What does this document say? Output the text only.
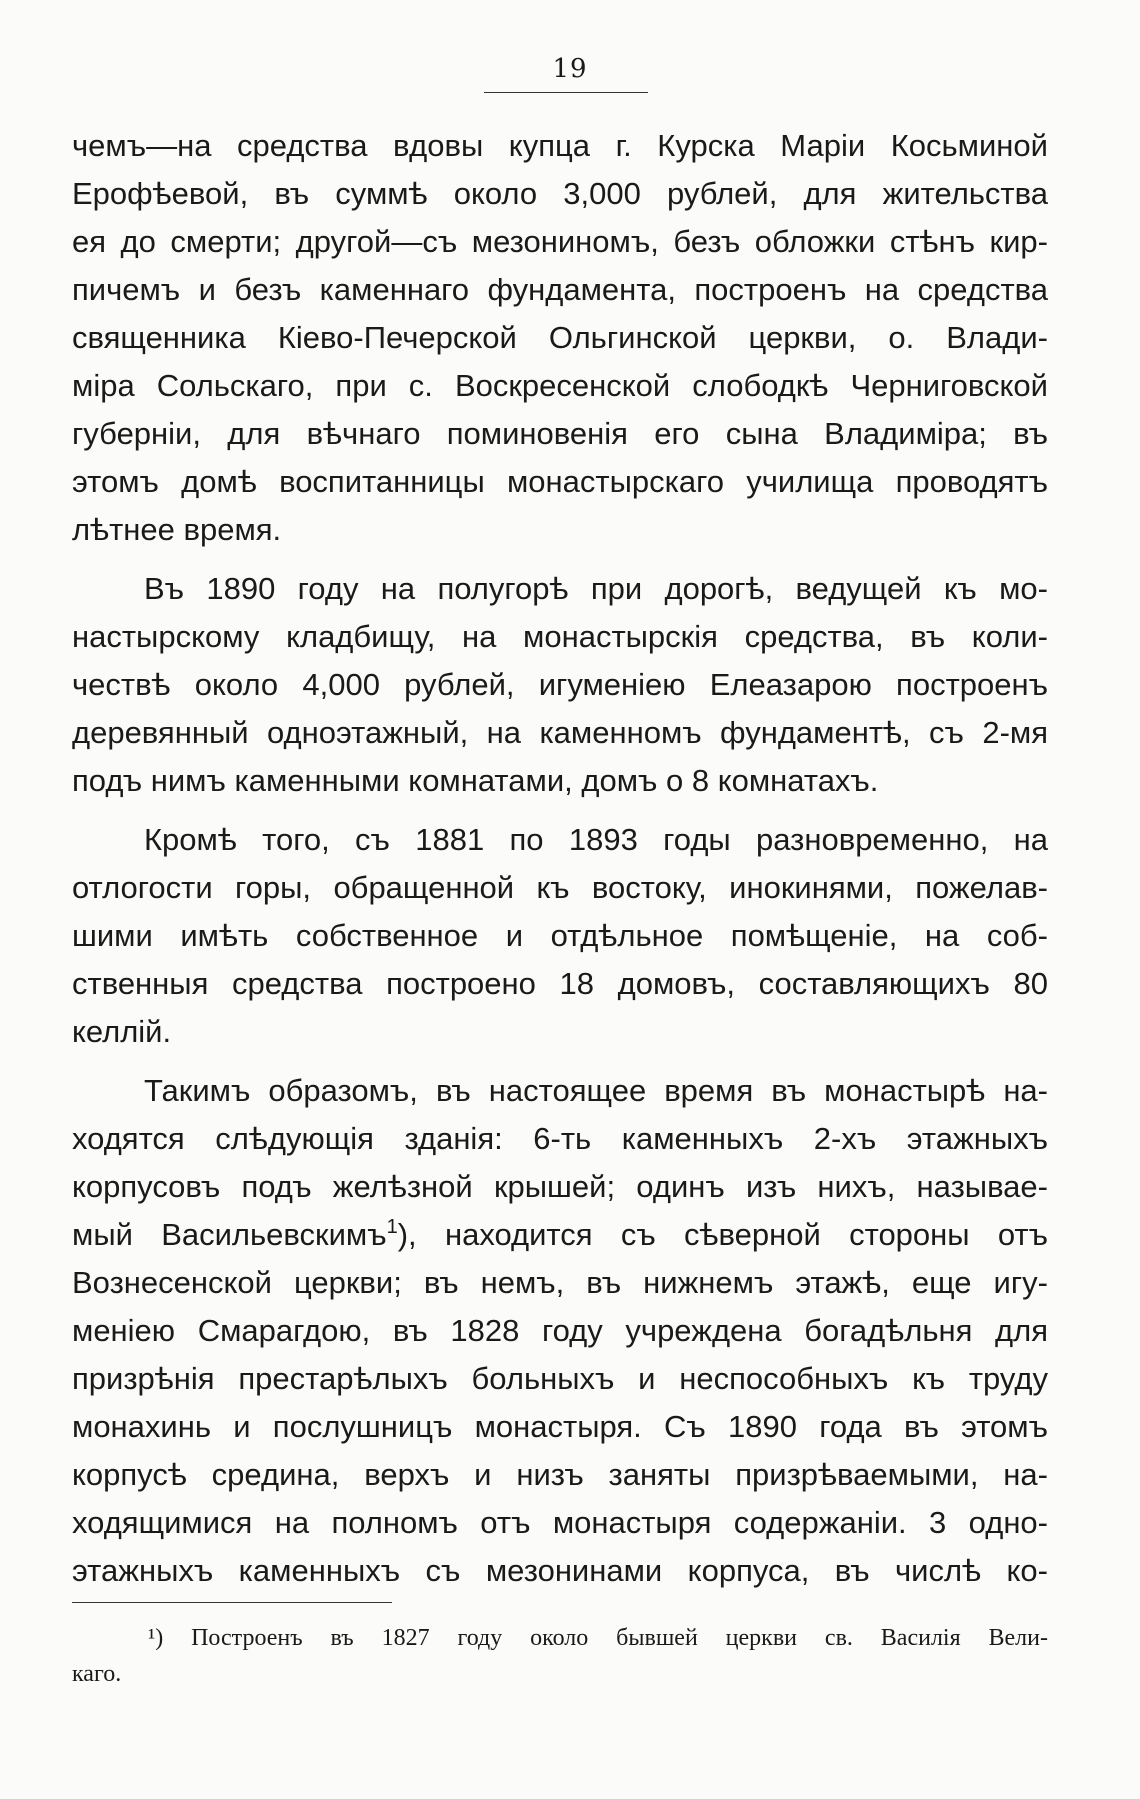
19
чемъ—на средства вдовы купца г. Курска Маріи Косьминой
Ерофѣевой, въ суммѣ около 3,000 рублей, для жительства
ея до смерти; другой—съ мезониномъ, безъ обложки стѣнъ кир-
пичемъ и безъ каменнаго фундамента, построенъ на средства
священника Кіево-Печерской Ольгинской церкви, о. Влади-
міра Сольскаго, при с. Воскресенской слободкѣ Черниговской
губерніи, для вѣчнаго поминовенія его сына Владиміра; въ
этомъ домѣ воспитанницы монастырскаго училища проводятъ
лѣтнее время.
Въ 1890 году на полугорѣ при дорогѣ, ведущей къ мо-
настырскому кладбищу, на монастырскія средства, въ коли-
чествѣ около 4,000 рублей, игуменіею Елеазарою построенъ
деревянный одноэтажный, на каменномъ фундаментѣ, съ 2-мя
подъ нимъ каменными комнатами, домъ о 8 комнатахъ.
Кромѣ того, съ 1881 по 1893 годы разновременно, на
отлогости горы, обращенной къ востоку, инокинями, пожелав-
шими имѣть собственное и отдѣльное помѣщеніе, на соб-
ственныя средства построено 18 домовъ, составляющихъ 80
келлій.
Такимъ образомъ, въ настоящее время въ монастырѣ на-
ходятся слѣдующія зданія: 6-ть каменныхъ 2-хъ этажныхъ
корпусовъ подъ желѣзной крышей; одинъ изъ нихъ, называе-
мый Васильевскимъ$^1$), находится съ сѣверной стороны отъ
Вознесенской церкви; въ немъ, въ нижнемъ этажѣ, еще игу-
меніею Смарагдою, въ 1828 году учреждена богадѣльня для
призрѣнія престарѣлыхъ больныхъ и неспособныхъ къ труду
монахинь и послушницъ монастыря. Съ 1890 года въ этомъ
корпусѣ средина, верхъ и низъ заняты призрѣваемыми, на-
ходящимися на полномъ отъ монастыря содержаніи. 3 одно-
этажныхъ каменныхъ съ мезонинами корпуса, въ числѣ ко-
¹) Построенъ въ 1827 году около бывшей церкви св. Василія Вели-
каго.
